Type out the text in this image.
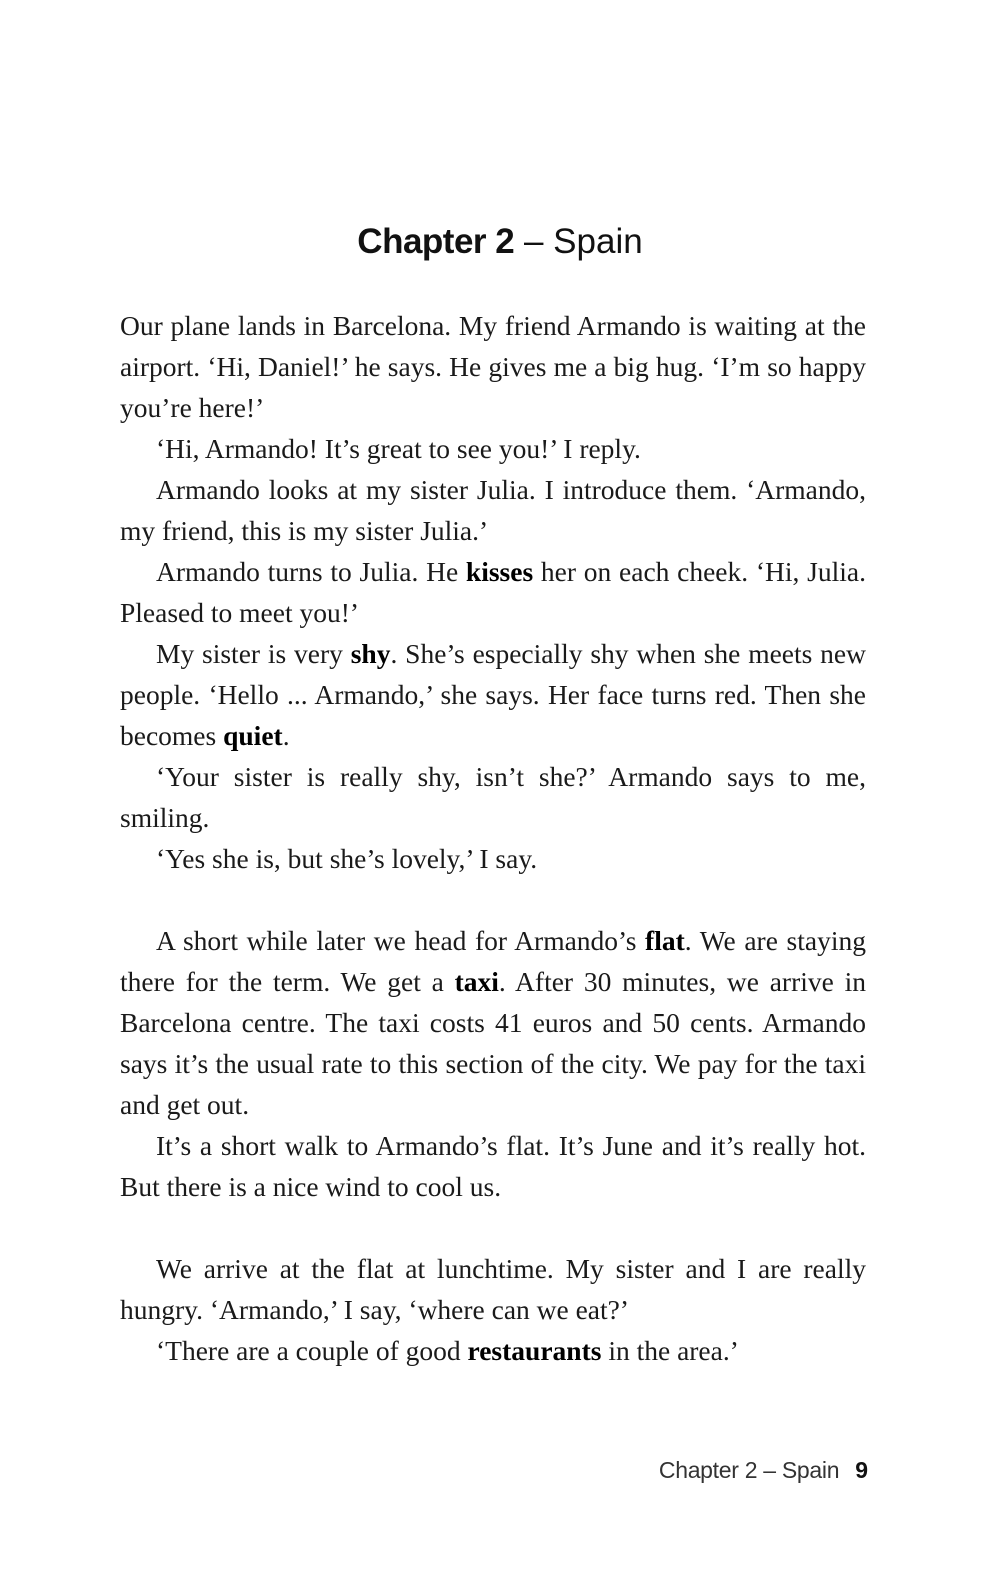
Chapter 2 – Spain

Our plane lands in Barcelona. My friend Armando is waiting at the airport. ‘Hi, Daniel!’ he says. He gives me a big hug. ‘I’m so happy you’re here!’

‘Hi, Armando! It’s great to see you!’ I reply.

Armando looks at my sister Julia. I introduce them. ‘Armando, my friend, this is my sister Julia.’

Armando turns to Julia. He kisses her on each cheek. ‘Hi, Julia. Pleased to meet you!’

My sister is very shy. She’s especially shy when she meets new people. ‘Hello ... Armando,’ she says. Her face turns red. Then she becomes quiet.

‘Your sister is really shy, isn’t she?’ Armando says to me, smiling.

‘Yes she is, but she’s lovely,’ I say.

A short while later we head for Armando’s flat. We are staying there for the term. We get a taxi. After 30 minutes, we arrive in Barcelona centre. The taxi costs 41 euros and 50 cents. Armando says it’s the usual rate to this section of the city. We pay for the taxi and get out.

It’s a short walk to Armando’s flat. It’s June and it’s really hot. But there is a nice wind to cool us.

We arrive at the flat at lunchtime. My sister and I are really hungry. ‘Armando,’ I say, ‘where can we eat?’

‘There are a couple of good restaurants in the area.’

Chapter 2 – Spain 9
